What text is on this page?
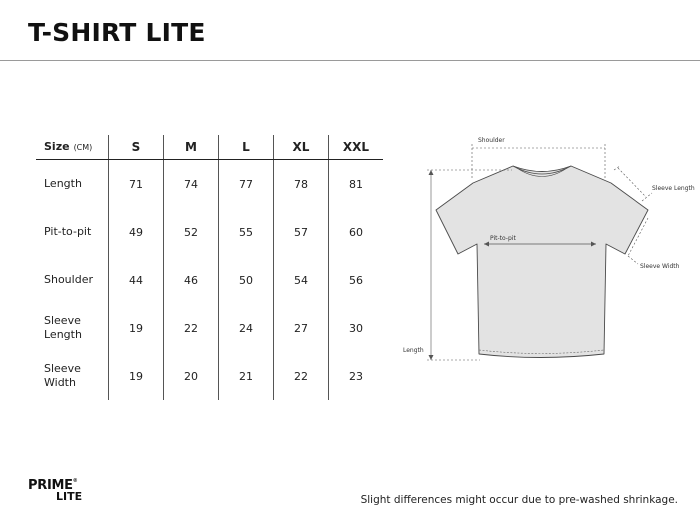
T-SHIRT LITE
Size (CM)	S	M	L	XL	XXL
Length	71	74	77	78	81
Pit-to-pit	49	52	55	57	60
Shoulder	44	46	50	54	56
Sleeve
Length	19	22	24	27	30
Sleeve
Width	19	20	21	22	23
Shoulder
Sleeve Length
Sleeve Width
Pit-to-pit
Length
PRIME®
LITE	Slight differences might occur due to pre-washed shrinkage.
